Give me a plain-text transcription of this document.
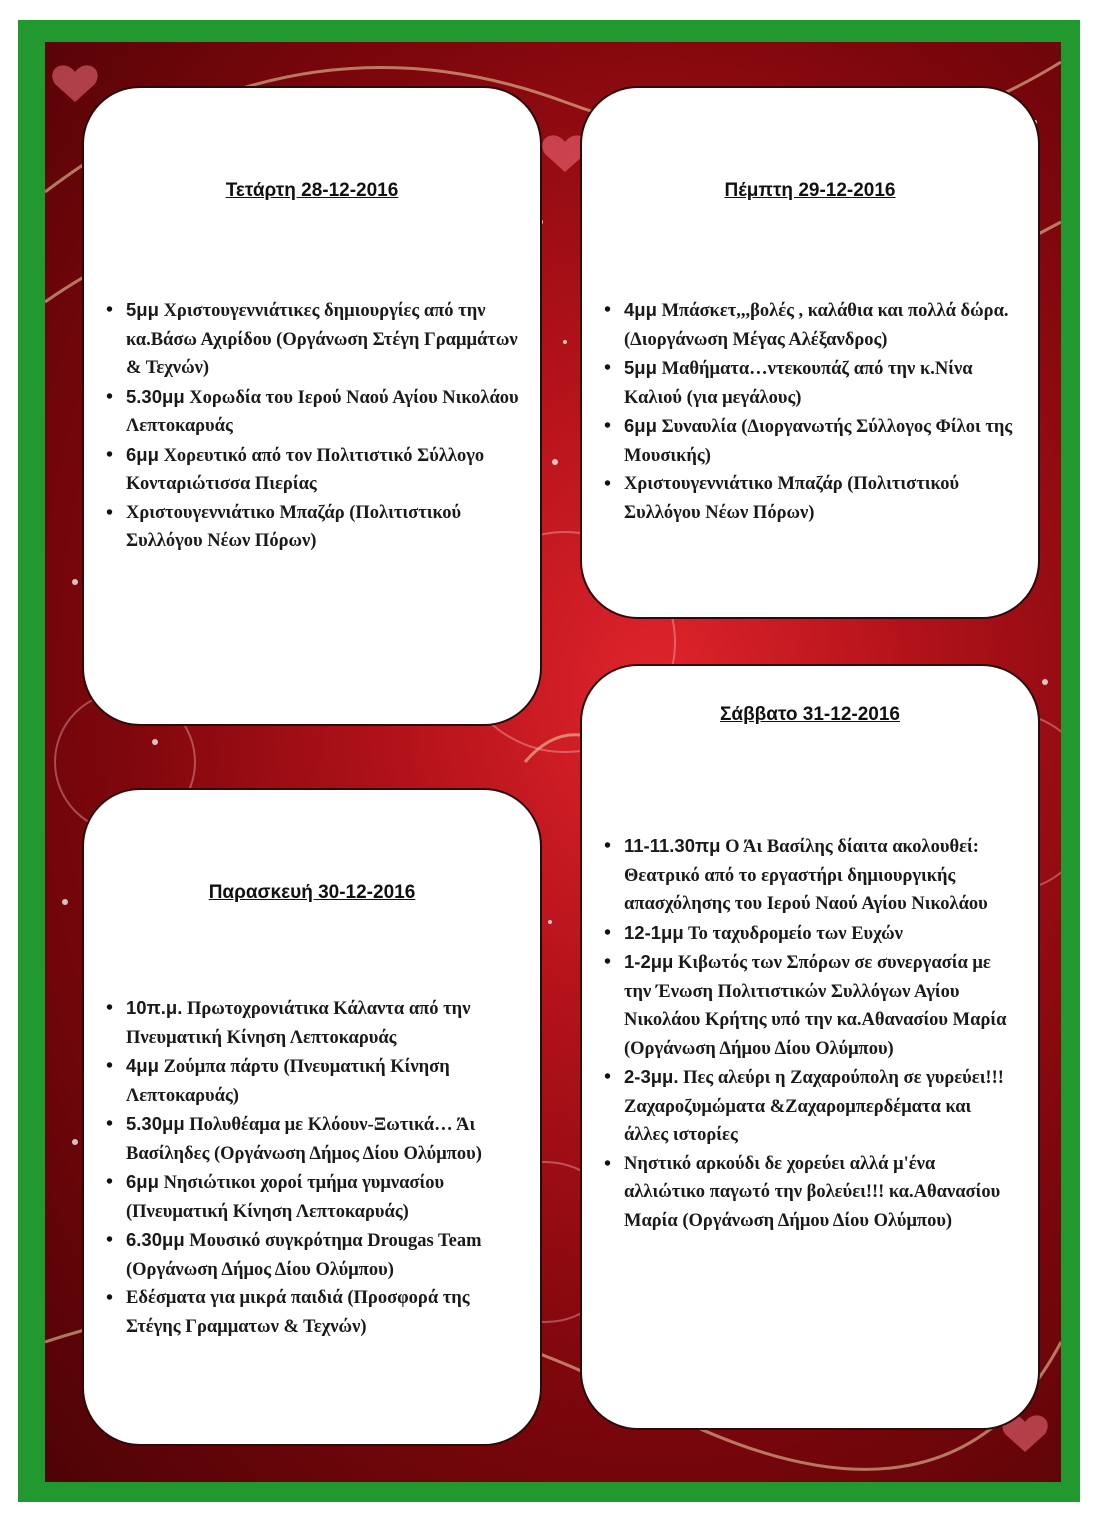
Τετάρτη 28-12-2016
• 5μμ Χριστουγεννιάτικες δημιουργίες από την κα.Βάσω Αχιρίδου (Οργάνωση Στέγη Γραμμάτων & Τεχνών)
• 5.30μμ Χορωδία του Ιερού Ναού Αγίου Νικολάου Λεπτοκαρυάς
• 6μμ Χορευτικό από τον Πολιτιστικό Σύλλογο Κονταριώτισσα Πιερίας
• Χριστουγεννιάτικο Μπαζάρ (Πολιτιστικού Συλλόγου Νέων Πόρων)
Πέμπτη 29-12-2016
• 4μμ Μπάσκετ,,,βολές , καλάθια και πολλά δώρα. (Διοργάνωση Μέγας Αλέξανδρος)
• 5μμ Μαθήματα…ντεκουπάζ από την κ.Νίνα Καλιού (για μεγάλους)
• 6μμ Συναυλία (Διοργανωτής Σύλλογος Φίλοι της Μουσικής)
• Χριστουγεννιάτικο Μπαζάρ (Πολιτιστικού Συλλόγου Νέων Πόρων)
Παρασκευή 30-12-2016
• 10π.μ. Πρωτοχρονιάτικα Κάλαντα από την Πνευματική Κίνηση Λεπτοκαρυάς
• 4μμ Ζούμπα πάρτυ (Πνευματική Κίνηση Λεπτοκαρυάς)
• 5.30μμ Πολυθέαμα με Κλόουν-Ξωτικά… Άι Βασίληδες (Οργάνωση Δήμος Δίου Ολύμπου)
• 6μμ Νησιώτικοι χοροί τμήμα γυμνασίου (Πνευματική Κίνηση Λεπτοκαρυάς)
• 6.30μμ Μουσικό συγκρότημα Drougas Team (Οργάνωση Δήμος Δίου Ολύμπου)
• Εδέσματα για μικρά παιδιά (Προσφορά της Στέγης Γραμματων & Τεχνών)
Σάββατο 31-12-2016
• 11-11.30πμ Ο Άι Βασίλης δίαιτα ακολουθεί: Θεατρικό από το εργαστήρι δημιουργικής απασχόλησης του Ιερού Ναού Αγίου Νικολάου
• 12-1μμ Το ταχυδρομείο των Ευχών
• 1-2μμ Κιβωτός των Σπόρων σε συνεργασία με την Ένωση Πολιτιστικών Συλλόγων Αγίου Νικολάου Κρήτης υπό την κα.Αθανασίου Μαρία (Οργάνωση Δήμου Δίου Ολύμπου)
• 2-3μμ. Πες αλεύρι η Ζαχαρούπολη σε γυρεύει!!! Ζαχαροζυμώματα &Ζαχαρομπερδέματα και άλλες ιστορίες
• Νηστικό αρκούδι δε χορεύει αλλά μ'ένα αλλιώτικο παγωτό την βολεύει!!! κα.Αθανασίου Μαρία (Οργάνωση Δήμου Δίου Ολύμπου)
